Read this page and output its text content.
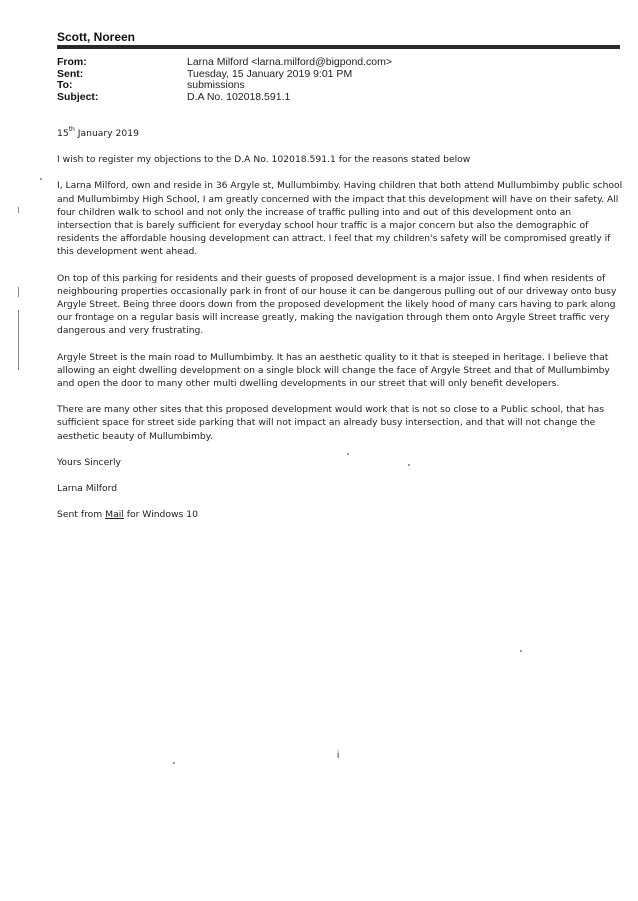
Scott, Noreen
From:	Larna Milford <larna.milford@bigpond.com>
Sent:	Tuesday, 15 January 2019 9:01 PM
To:	submissions
Subject:	D.A No. 102018.591.1
15th January 2019

I wish to register my objections to the D.A No. 102018.591.1 for the reasons stated below

I, Larna Milford, own and reside in 36 Argyle st, Mullumbimby. Having children that both attend Mullumbimby public school and Mullumbimby High School, I am greatly concerned with the impact that this development will have on their safety. All four children walk to school and not only the increase of traffic pulling into and out of this development onto an intersection that is barely sufficient for everyday school hour traffic is a major concern but also the demographic of residents the affordable housing development can attract. I feel that my children's safety will be compromised greatly if this development went ahead.

On top of this parking for residents and their guests of proposed development is a major issue. I find when residents of neighbouring properties occasionally park in front of our house it can be dangerous pulling out of our driveway onto busy Argyle Street. Being three doors down from the proposed development the likely hood of many cars having to park along our frontage on a regular basis will increase greatly, making the navigation through them onto Argyle Street traffic very dangerous and very frustrating.

Argyle Street is the main road to Mullumbimby. It has an aesthetic quality to it that is steeped in heritage. I believe that allowing an eight dwelling development on a single block will change the face of Argyle Street and that of Mullumbimby and open the door to many other multi dwelling developments in our street that will only benefit developers.

There are many other sites that this proposed development would work that is not so close to a Public school, that has sufficient space for street side parking that will not impact an already busy intersection, and that will not change the aesthetic beauty of Mullumbimby.

Yours Sincerly

Larna Milford

Sent from Mail for Windows 10

i
